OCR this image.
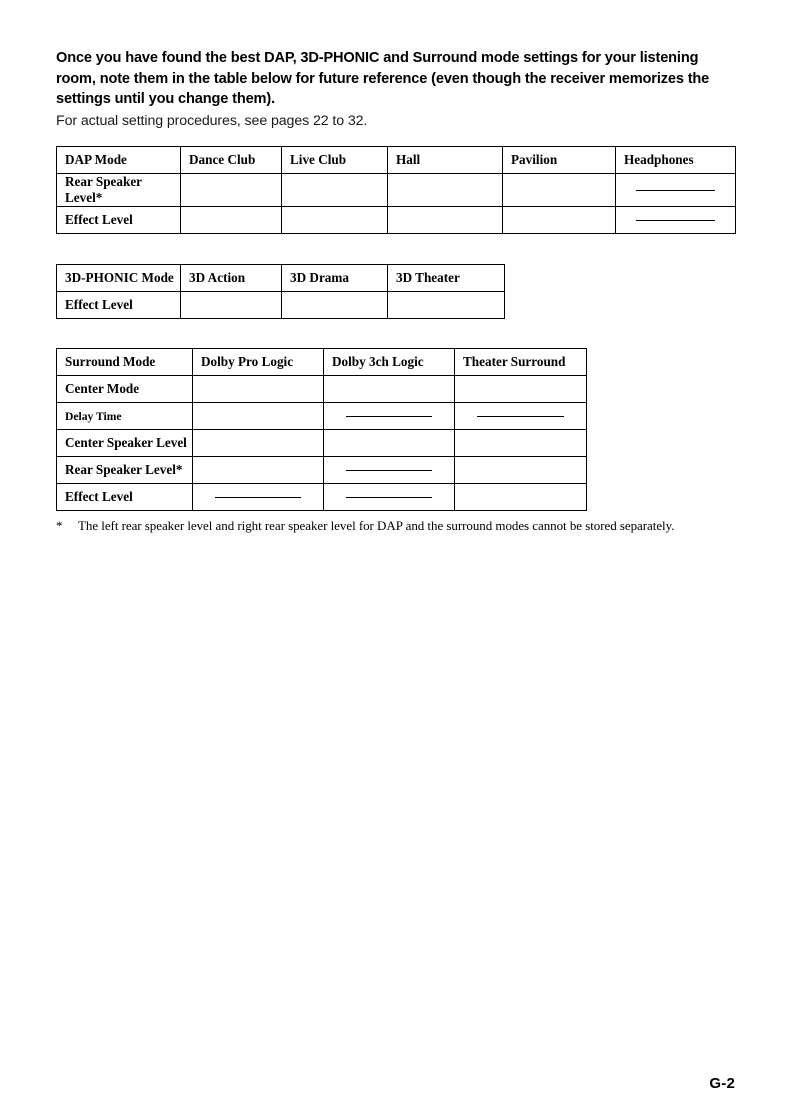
Once you have found the best DAP, 3D-PHONIC and Surround mode settings for your listening room, note them in the table below for future reference (even though the receiver memorizes the settings until you change them).

For actual setting procedures, see pages 22 to 32.

DAP Mode	Dance Club	Live Club	Hall	Pavilion	Headphones
Rear Speaker Level*					

Effect Level					
3D-PHONIC Mode	3D Action	3D Drama	3D Theater
Effect Level			
Surround Mode	Dolby Pro Logic	Dolby 3ch Logic	Theater Surround
Center Mode			
Delay Time		

Center Speaker Level			
Rear Speaker Level*		

Effect Level	

*	The left rear speaker level and right rear speaker level for DAP and the surround modes cannot be stored separately.
G-2
